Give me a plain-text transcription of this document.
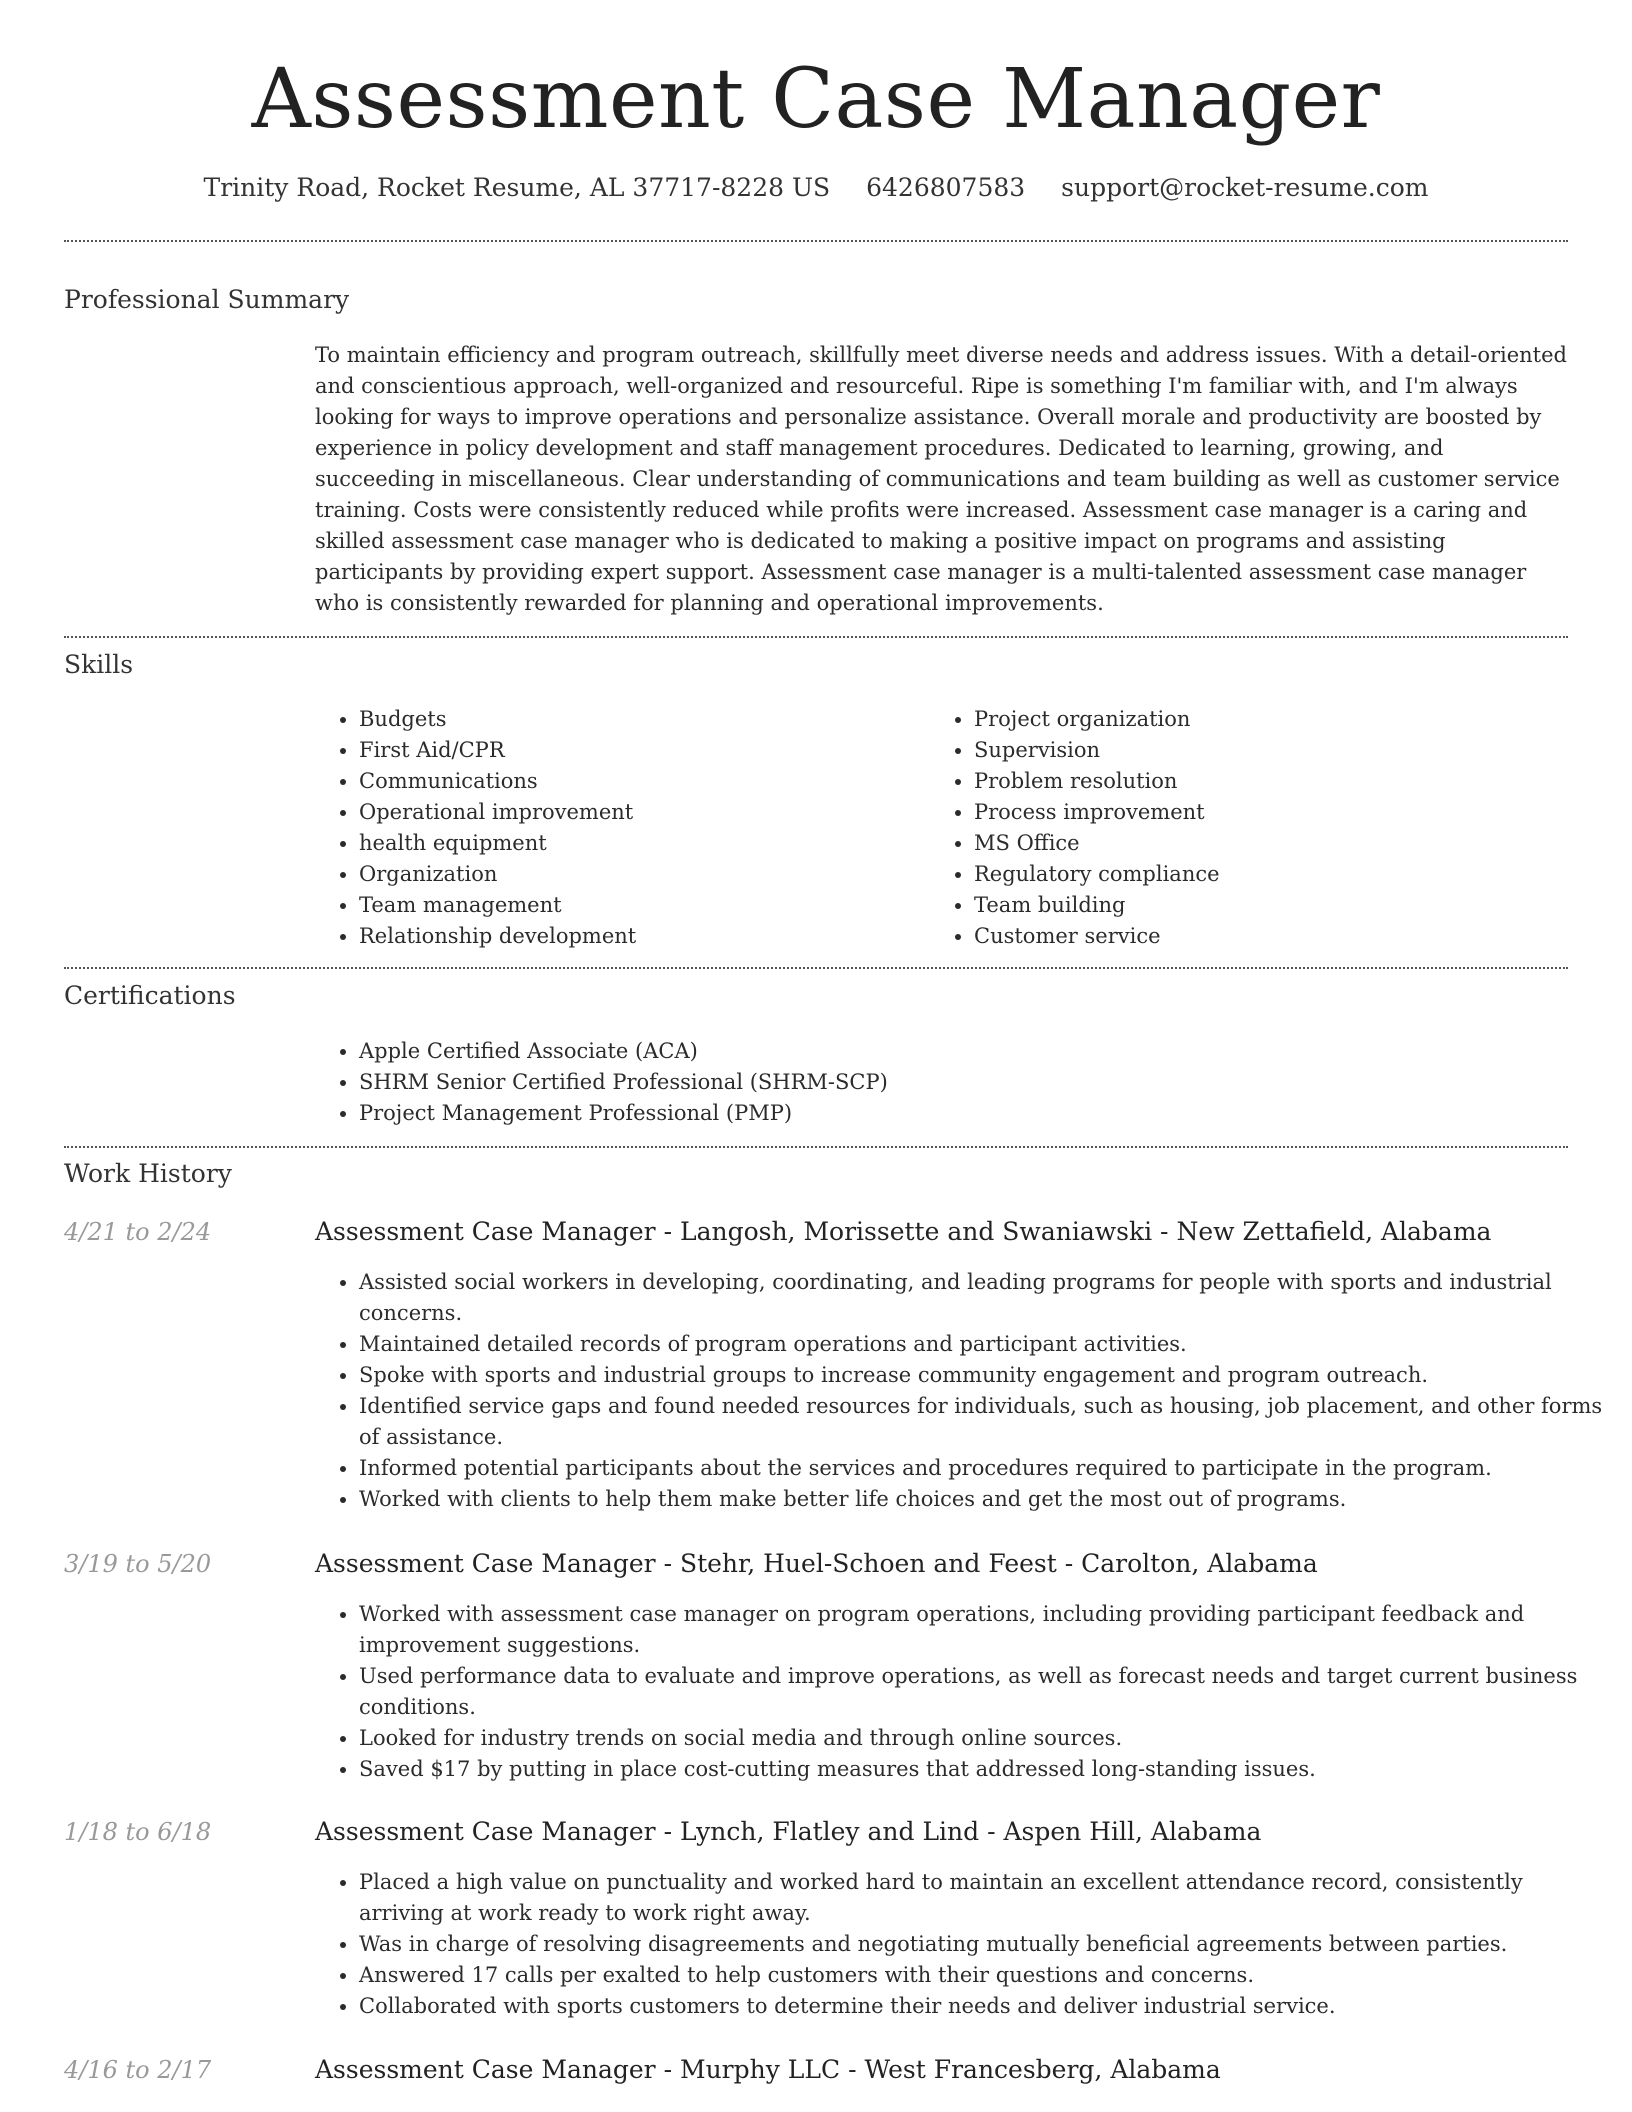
Assessment Case Manager
Trinity Road, Rocket Resume, AL 37717-8228 US 6426807583 support@rocket-resume.com
Professional Summary

To maintain efficiency and program outreach, skillfully meet diverse needs and address issues. With a detail-oriented and conscientious approach, well-organized and resourceful. Ripe is something I'm familiar with, and I'm always looking for ways to improve operations and personalize assistance. Overall morale and productivity are boosted by experience in policy development and staff management procedures. Dedicated to learning, growing, and succeeding in miscellaneous. Clear understanding of communications and team building as well as customer service training. Costs were consistently reduced while profits were increased. Assessment case manager is a caring and skilled assessment case manager who is dedicated to making a positive impact on programs and assisting participants by providing expert support. Assessment case manager is a multi-talented assessment case manager who is consistently rewarded for planning and operational improvements.

Skills
• Budgets
• First Aid/CPR
• Communications
• Operational improvement
• health equipment
• Organization
• Team management
• Relationship development
• Project organization
• Supervision
• Problem resolution
• Process improvement
• MS Office
• Regulatory compliance
• Team building
• Customer service
Certifications
• Apple Certified Associate (ACA)
• SHRM Senior Certified Professional (SHRM-SCP)
• Project Management Professional (PMP)
Work History
4/21 to 2/24	Assessment Case Manager - Langosh, Morissette and Swaniawski - New Zettafield, Alabama
• Assisted social workers in developing, coordinating, and leading programs for people with sports and industrial concerns.
• Maintained detailed records of program operations and participant activities.
• Spoke with sports and industrial groups to increase community engagement and program outreach.
• Identified service gaps and found needed resources for individuals, such as housing, job placement, and other forms of assistance.
• Informed potential participants about the services and procedures required to participate in the program.
• Worked with clients to help them make better life choices and get the most out of programs.
3/19 to 5/20	Assessment Case Manager - Stehr, Huel-Schoen and Feest - Carolton, Alabama
• Worked with assessment case manager on program operations, including providing participant feedback and improvement suggestions.
• Used performance data to evaluate and improve operations, as well as forecast needs and target current business conditions.
• Looked for industry trends on social media and through online sources.
• Saved $17 by putting in place cost-cutting measures that addressed long-standing issues.
1/18 to 6/18	Assessment Case Manager - Lynch, Flatley and Lind - Aspen Hill, Alabama
• Placed a high value on punctuality and worked hard to maintain an excellent attendance record, consistently arriving at work ready to work right away.
• Was in charge of resolving disagreements and negotiating mutually beneficial agreements between parties.
• Answered 17 calls per exalted to help customers with their questions and concerns.
• Collaborated with sports customers to determine their needs and deliver industrial service.
4/16 to 2/17	Assessment Case Manager - Murphy LLC - West Francesberg, Alabama
